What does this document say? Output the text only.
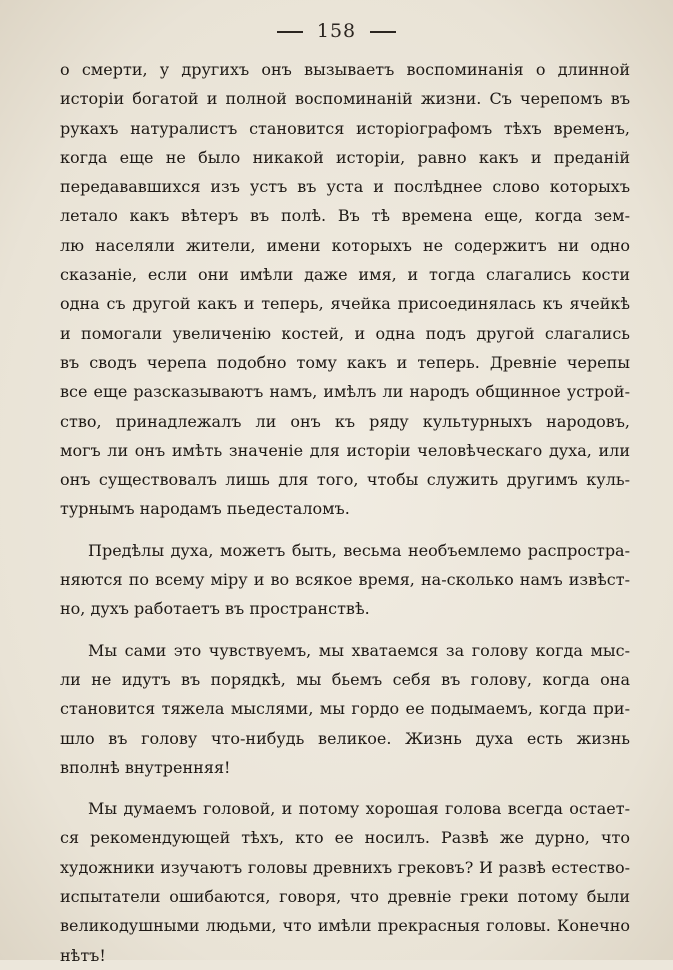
158
о смерти, у другихъ онъ вызываетъ воспоминанія о длинной
исторіи богатой и полной воспоминаній жизни. Съ черепомъ въ
рукахъ натуралистъ становится исторіографомъ тѣхъ временъ,
когда еще не было никакой исторіи, равно какъ и преданій
передававшихся изъ устъ въ уста и послѣднее слово которыхъ
летало какъ вѣтеръ въ полѣ. Въ тѣ времена еще, когда зем-
лю населяли жители, имени которыхъ не содержитъ ни одно
сказаніе, если они имѣли даже имя, и тогда слагались кости
одна съ другой какъ и теперь, ячейка присоединялась къ ячейкѣ
и помогали увеличенію костей, и одна подъ другой слагались
въ сводъ черепа подобно тому какъ и теперь. Древніе черепы
все еще разсказываютъ намъ, имѣлъ ли народъ общинное устрой-
ство, принадлежалъ ли онъ къ ряду культурныхъ народовъ,
могъ ли онъ имѣть значеніе для исторіи человѣческаго духа, или
онъ существовалъ лишь для того, чтобы служить другимъ куль-
турнымъ народамъ пьедесталомъ.
Предѣлы духа, можетъ быть, весьма необъемлемо распростра-
няются по всему міру и во всякое время, на-сколько намъ извѣст-
но, духъ работаетъ въ пространствѣ.
Мы сами это чувствуемъ, мы хватаемся за голову когда мыс-
ли не идутъ въ порядкѣ, мы бьемъ себя въ голову, когда она
становится тяжела мыслями, мы гордо ее подымаемъ, когда при-
шло въ голову что-нибудь великое. Жизнь духа есть жизнь
вполнѣ внутренняя!
Мы думаемъ головой, и потому хорошая голова всегда остает-
ся рекомендующей тѣхъ, кто ее носилъ. Развѣ же дурно, что
художники изучаютъ головы древнихъ грековъ? И развѣ естество-
испытатели ошибаются, говоря, что древніе греки потому были
великодушными людьми, что имѣли прекрасныя головы. Конечно
нѣтъ!
